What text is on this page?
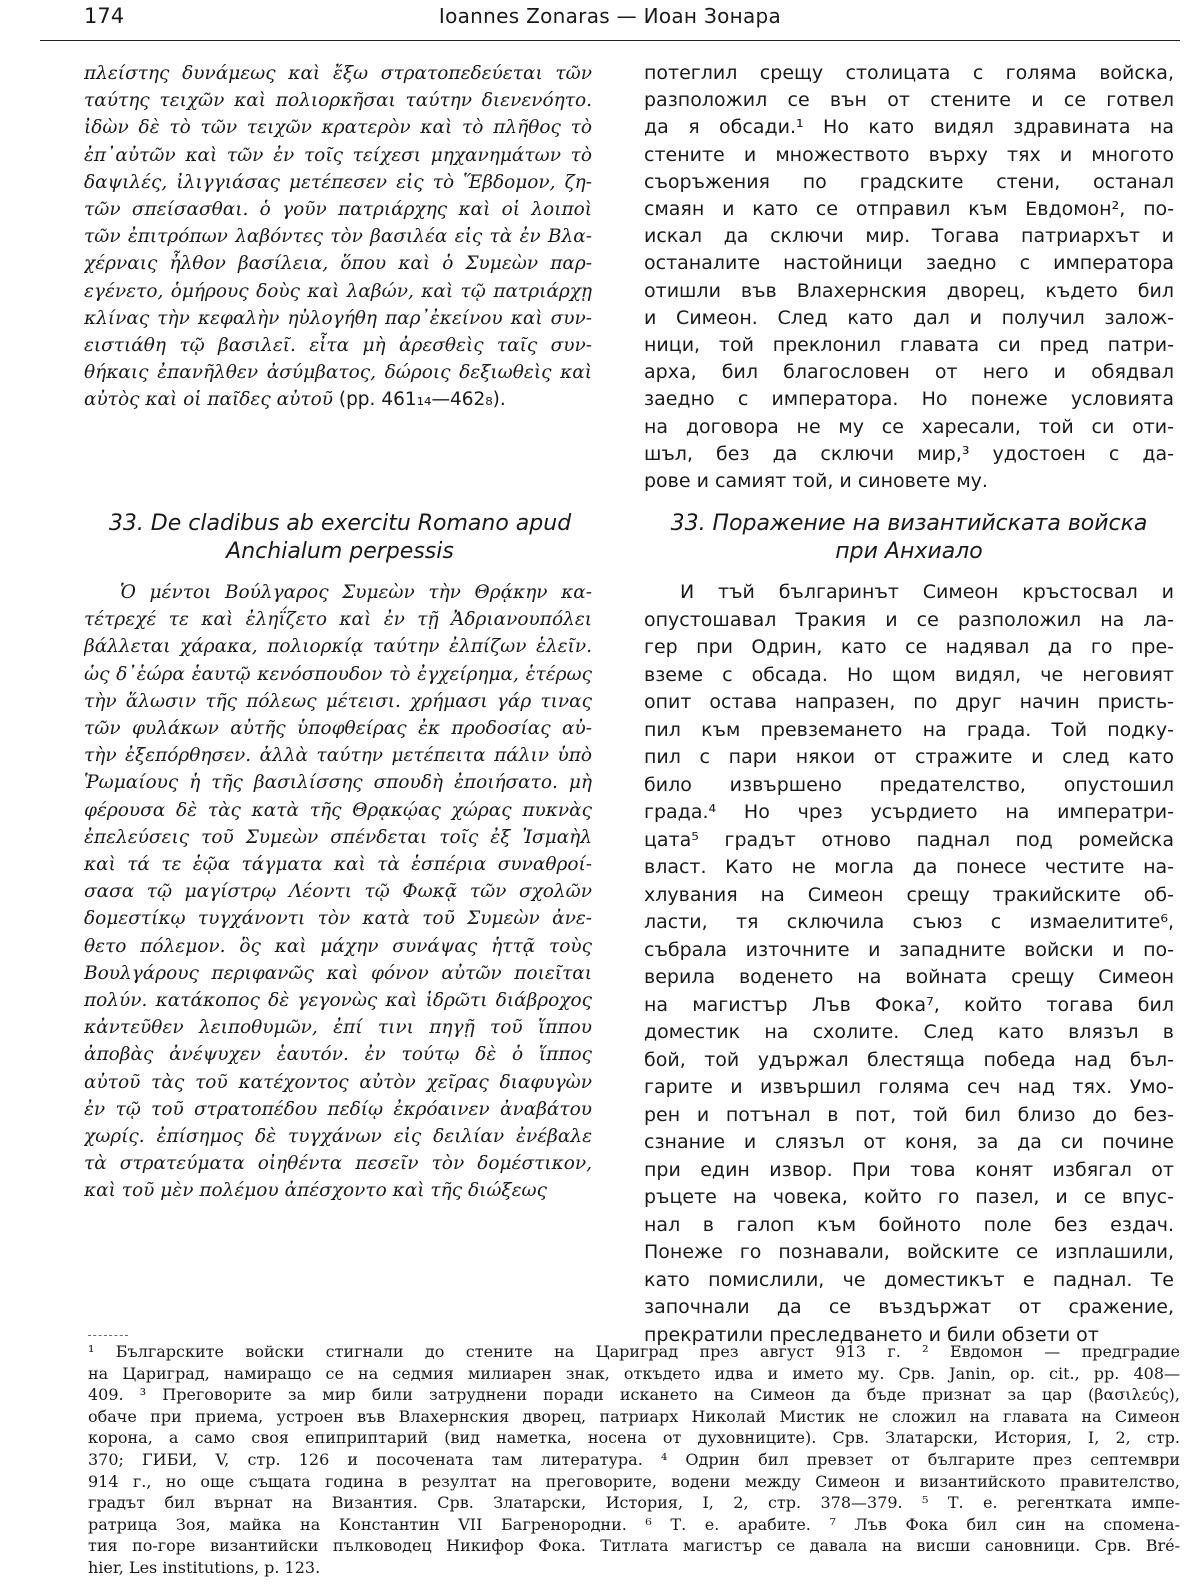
174	Ioannes Zonaras — Иоан Зонара
πλείστης δυνάμεως καὶ ἔξω στρατοπεδεύεται τῶν
ταύτης τειχῶν καὶ πολιορκῆσαι ταύτην διενενόητο.
ἰδὼν δὲ τὸ τῶν τειχῶν κρατερὸν καὶ τὸ πλῆθος τὸ
ἐπ᾽αὐτῶν καὶ τῶν ἐν τοῖς τείχεσι μηχανημάτων τὸ
δαψιλές, ἰλιγγιάσας μετέπεσεν εἰς τὸ Ἕβδομον, ζη-
τῶν σπείσασθαι. ὁ γοῦν πατριάρχης καὶ οἱ λοιποὶ
τῶν ἐπιτρόπων λαβόντες τὸν βασιλέα εἰς τὰ ἐν Βλα-
χέρναις ἦλθον βασίλεια, ὅπου καὶ ὁ Συμεὼν παρ-
εγένετο, ὁμήρους δοὺς καὶ λαβών, καὶ τῷ πατριάρχῃ
κλίνας τὴν κεφαλὴν ηὐλογήθη παρ᾽ἐκείνου καὶ συν-
ειστιάθη τῷ βασιλεῖ. εἶτα μὴ ἀρεσθεὶς ταῖς συν-
θήκαις ἐπανῆλθεν ἀσύμβατος, δώροις δεξιωθεὶς καὶ
αὐτὸς καὶ οἱ παῖδες αὐτοῦ (pp. 461₁₄—462₈).
потеглил срещу столицата с голяма войска,
разположил се вън от стените и се готвел
да я обсади.¹ Но като видял здравината на
стените и множеството върху тях и многото
съоръжения по градските стени, останал
смаян и като се отправил към Евдомон², по-
искал да сключи мир. Тогава патриархът и
останалите настойници заедно с императора
отишли във Влахернския дворец, където бил
и Симеон. След като дал и получил залож-
ници, той преклонил главата си пред патри-
арха, бил благословен от него и обядвал
заедно с императора. Но понеже условията
на договора не му се харесали, той си оти-
шъл, без да сключи мир,³ удостоен с да-
рове и самият той, и синовете му.
33. De cladibus ab exercitu Romano apud
Anchialum perpessis
33. Поражение на византийската войска
при Анхиало
Ὁ μέντοι Βούλγαρος Συμεὼν τὴν Θρᾴκην κα-
τέτρεχέ τε καὶ ἐληΐζετο καὶ ἐν τῇ Ἀδριανουπόλει
βάλλεται χάρακα, πολιορκίᾳ ταύτην ἐλπίζων ἑλεῖν.
ὡς δ᾽ἑώρα ἑαυτῷ κενόσπουδον τὸ ἐγχείρημα, ἑτέρως
τὴν ἅλωσιν τῆς πόλεως μέτεισι. χρήμασι γάρ τινας
τῶν φυλάκων αὐτῆς ὑποφθείρας ἐκ προδοσίας αὐ-
τὴν ἐξεπόρθησεν. ἀλλὰ ταύτην μετέπειτα πάλιν ὑπὸ
Ῥωμαίους ἡ τῆς βασιλίσσης σπουδὴ ἐποιήσατο. μὴ
φέρουσα δὲ τὰς κατὰ τῆς Θρᾳκῴας χώρας πυκνὰς
ἐπελεύσεις τοῦ Συμεὼν σπένδεται τοῖς ἐξ Ἰσμαὴλ
καὶ τά τε ἑῷα τάγματα καὶ τὰ ἑσπέρια συναθροί-
σασα τῷ μαγίστρῳ Λέοντι τῷ Φωκᾷ τῶν σχολῶν
δομεστίκῳ τυγχάνοντι τὸν κατὰ τοῦ Συμεὼν ἀνε-
θετο πόλεμον. ὃς καὶ μάχην συνάψας ἡττᾷ τοὺς
Βουλγάρους περιφανῶς καὶ φόνον αὐτῶν ποιεῖται
πολύν. κατάκοπος δὲ γεγονὼς καὶ ἱδρῶτι διάβροχος
κἀντεῦθεν λειποθυμῶν, ἐπί τινι πηγῇ τοῦ ἵππου
ἀποβὰς ἀνέψυχεν ἑαυτόν. ἐν τούτῳ δὲ ὁ ἵππος
αὐτοῦ τὰς τοῦ κατέχοντος αὐτὸν χεῖρας διαφυγὼν
ἐν τῷ τοῦ στρατοπέδου πεδίῳ ἐκρόαινεν ἀναβάτου
χωρίς. ἐπίσημος δὲ τυγχάνων εἰς δειλίαν ἐνέβαλε
τὰ στρατεύματα οἰηθέντα πεσεῖν τὸν δομέστικον,
καὶ τοῦ μὲν πολέμου ἀπέσχοντο καὶ τῆς διώξεως
И тъй българинът Симеон кръстосвал и
опустошавал Тракия и се разположил на ла-
гер при Одрин, като се надявал да го пре-
вземе с обсада. Но щом видял, че неговият
опит остава напразен, по друг начин присть-
пил към превземането на града. Той подку-
пил с пари някои от стражите и след като
било извършено предателство, опустошил
града.⁴ Но чрез усърдието на императри-
цата⁵ градът отново паднал под ромейска
власт. Като не могла да понесе честите на-
хлувания на Симеон срещу тракийските об-
ласти, тя сключила съюз с измаелитите⁶,
събрала източните и западните войски и по-
верила воденето на войната срещу Симеон
на магистър Лъв Фока⁷, който тогава бил
доместик на схолите. След като влязъл в
бой, той удържал блестяща победа над бъл-
гарите и извършил голяма сеч над тях. Умо-
рен и потънал в пот, той бил близо до без-
сзнание и слязъл от коня, за да си почине
при един извор. При това конят избягал от
ръцете на човека, който го пазел, и се впус-
нал в галоп към бойното поле без ездач.
Понеже го познавали, войските се изплашили,
като помислили, че доместикът е паднал. Те
започнали да се въздържат от сражение,
прекратили преследването и били обзети от
¹ Българските войски стигнали до стените на Цариград през август 913 г. ² Евдомон — предградие
на Цариград, намиращо се на седмия милиарен знак, откъдето идва и името му. Срв. Janin, op. cit., pp. 408—
409. ³ Преговорите за мир били затруднени поради искането на Симеон да бъде признат за цар (βασιλεύς),
обаче при приема, устроен във Влахернския дворец, патриарх Николай Мистик не сложил на главата на Симеон
корона, а само своя епиприптарий (вид наметка, носена от духовниците). Срв. Златарски, История, I, 2, стр.
370; ГИБИ, V, стр. 126 и посочената там литература. ⁴ Одрин бил превзет от българите през септември
914 г., но още същата година в резултат на преговорите, водени между Симеон и византийското правителство,
градът бил върнат на Византия. Срв. Златарски, История, I, 2, стр. 378—379. ⁵ Т. е. регентката импе-
ратрица Зоя, майка на Константин VII Багренородни. ⁶ Т. е. арабите. ⁷ Лъв Фока бил син на спомена-
тия по-горе византийски пълководец Никифор Фока. Титлата магистър се давала на висши сановници. Срв. Bré-
hier, Les institutions, p. 123.
